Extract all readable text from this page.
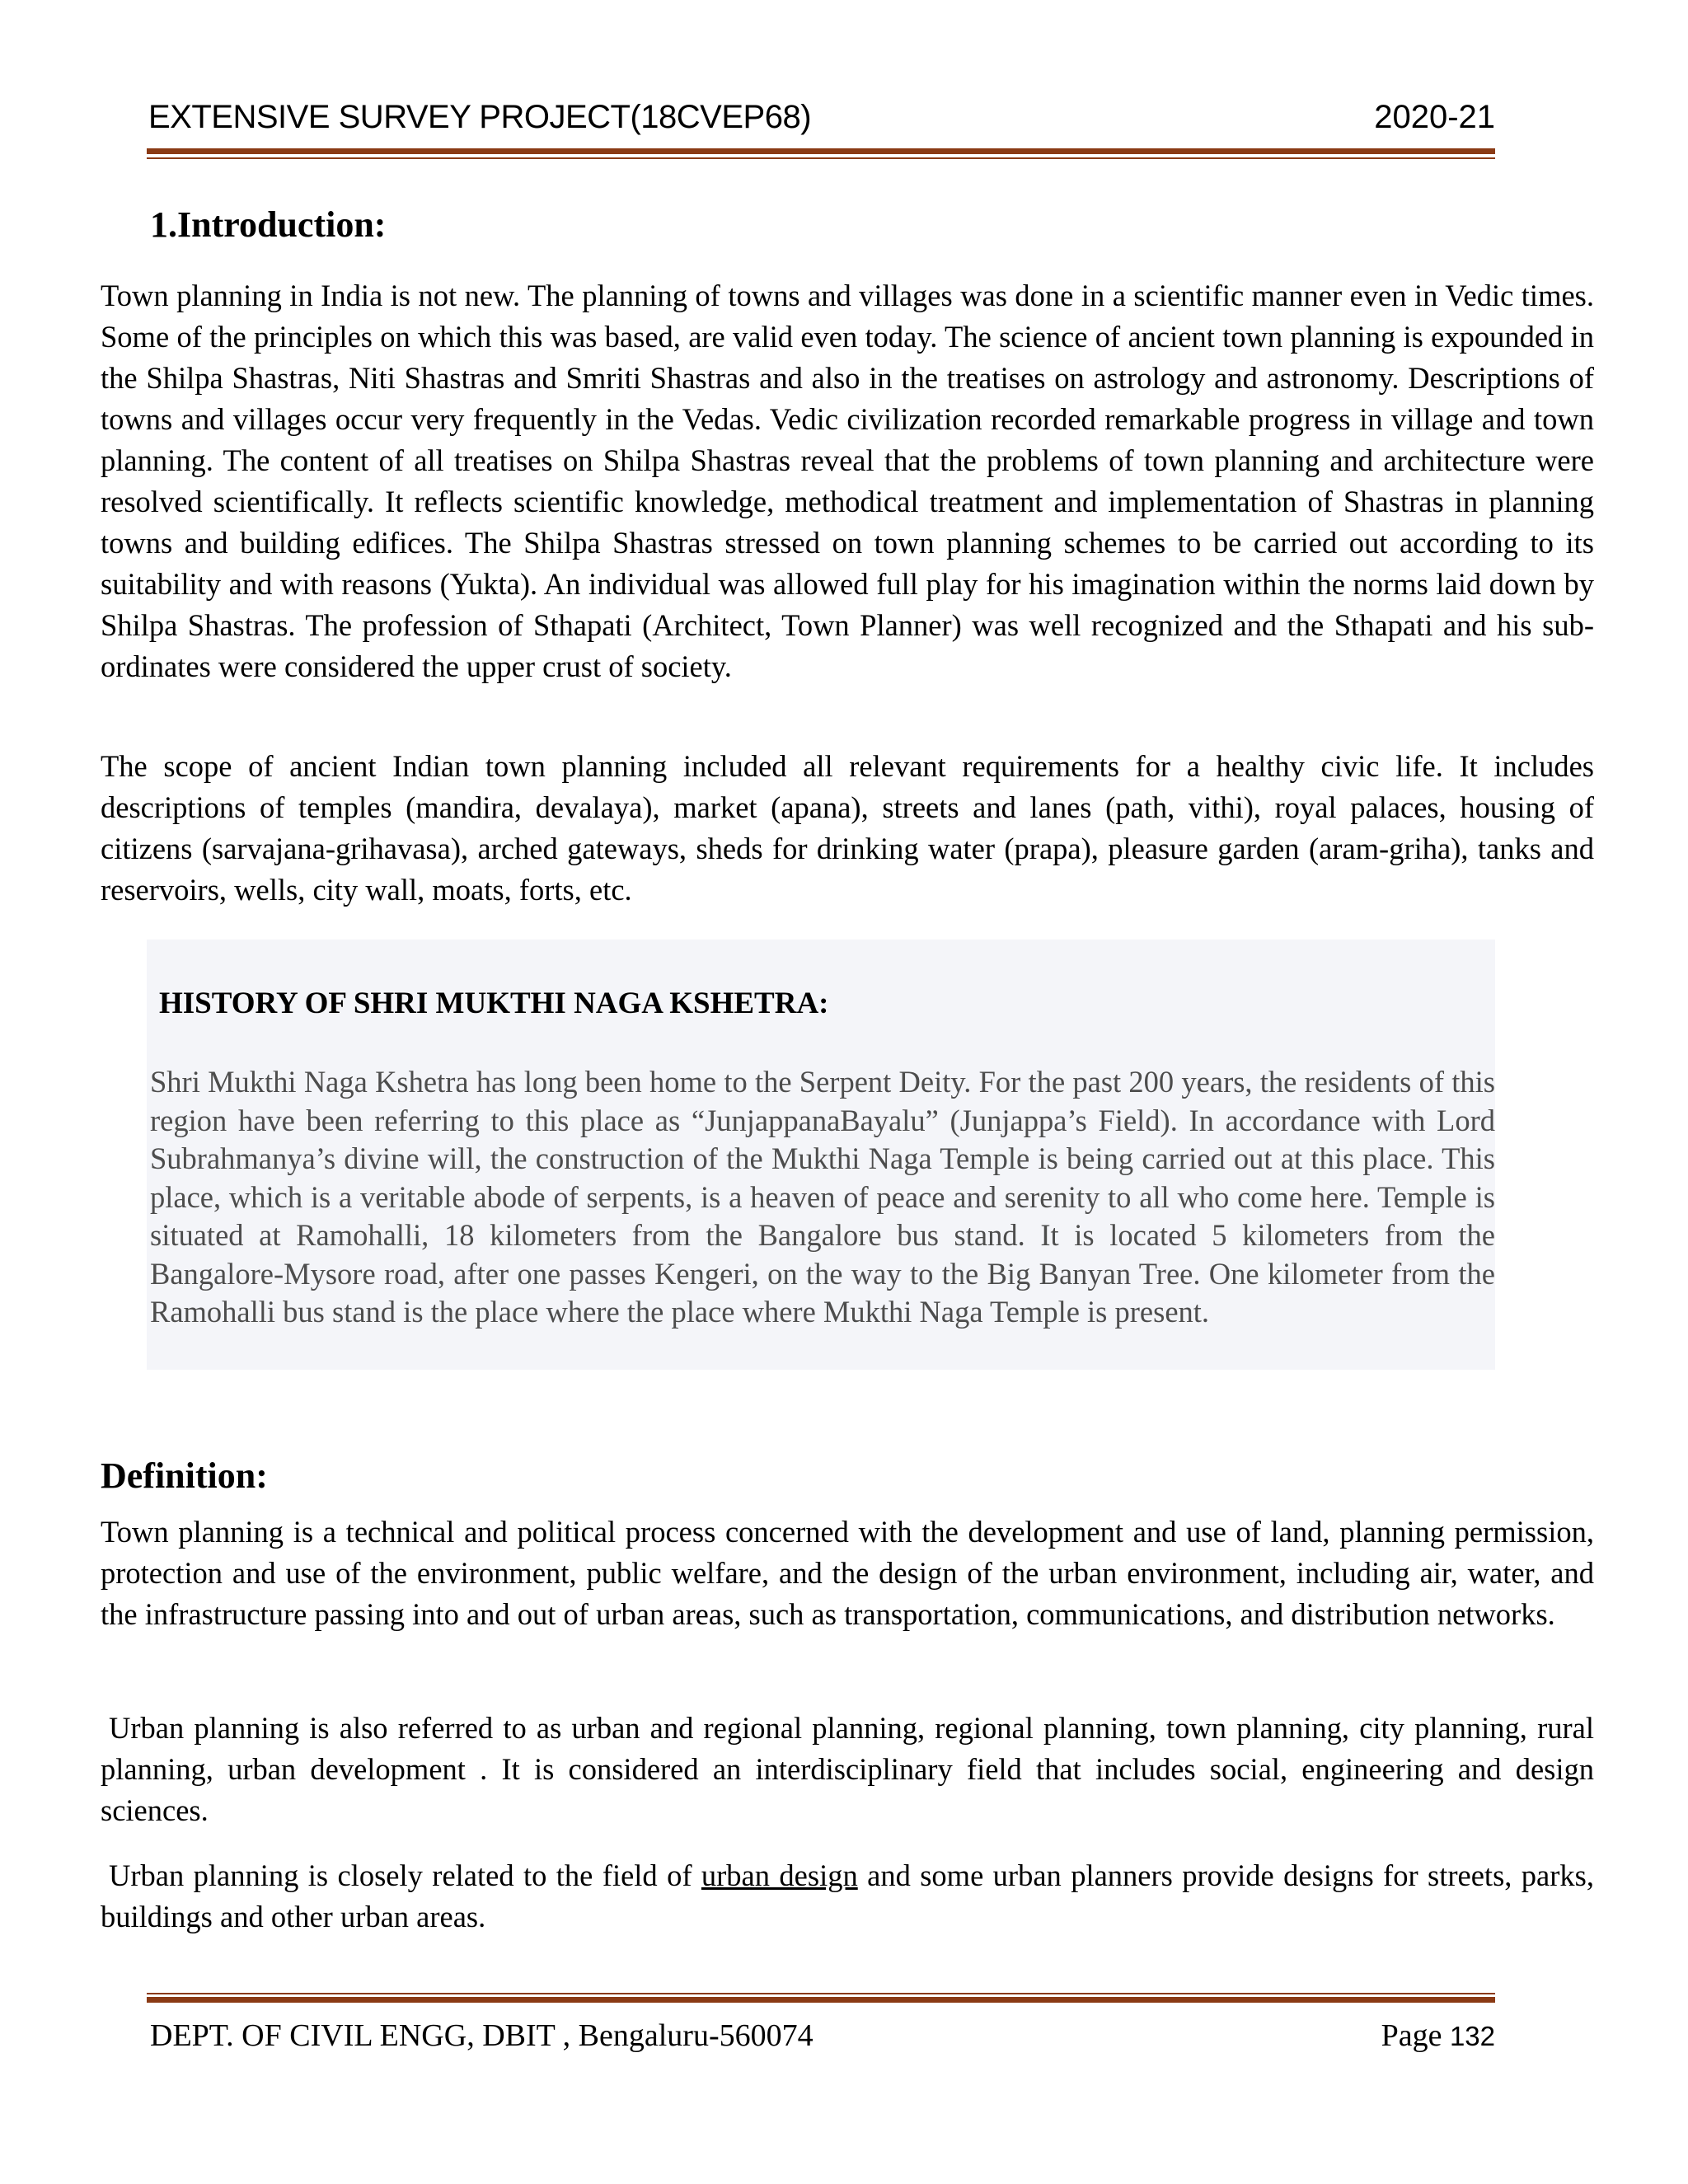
EXTENSIVE SURVEY PROJECT(18CVEP68)	2020-21
1.Introduction:

Town planning in India is not new. The planning of towns and villages was done in a scientific manner even in Vedic times. Some of the principles on which this was based, are valid even today. The science of ancient town planning is expounded in the Shilpa Shastras, Niti Shastras and Smriti Shastras and also in the treatises on astrology and astronomy. Descriptions of towns and villages occur very frequently in the Vedas. Vedic civilization recorded remarkable progress in village and town planning. The content of all treatises on Shilpa Shastras reveal that the problems of town planning and architecture were resolved scientifically. It reflects scientific knowledge, methodical treatment and implementation of Shastras in planning towns and building edifices. The Shilpa Shastras stressed on town planning schemes to be carried out according to its suitability and with reasons (Yukta). An individual was allowed full play for his imagination within the norms laid down by Shilpa Shastras. The profession of Sthapati (Architect, Town Planner) was well recognized and the Sthapati and his sub-ordinates were considered the upper crust of society.

The scope of ancient Indian town planning included all relevant requirements for a healthy civic life. It includes descriptions of temples (mandira, devalaya), market (apana), streets and lanes (path, vithi), royal palaces, housing of citizens (sarvajana-grihavasa), arched gateways, sheds for drinking water (prapa), pleasure garden (aram-griha), tanks and reservoirs, wells, city wall, moats, forts, etc.

HISTORY OF SHRI MUKTHI NAGA KSHETRA:

Shri Mukthi Naga Kshetra has long been home to the Serpent Deity. For the past 200 years, the residents of this region have been referring to this place as “JunjappanaBayalu” (Junjappa’s Field). In accordance with Lord Subrahmanya’s divine will, the construction of the Mukthi Naga Temple is being carried out at this place. This place, which is a veritable abode of serpents, is a heaven of peace and serenity to all who come here. Temple is situated at Ramohalli, 18 kilometers from the Bangalore bus stand. It is located 5 kilometers from the Bangalore-Mysore road, after one passes Kengeri, on the way to the Big Banyan Tree. One kilometer from the Ramohalli bus stand is the place where the place where Mukthi Naga Temple is present.

Definition:

Town planning is a technical and political process concerned with the development and use of land, planning permission, protection and use of the environment, public welfare, and the design of the urban environment, including air, water, and the infrastructure passing into and out of urban areas, such as transportation, communications, and distribution networks.

Urban planning is also referred to as urban and regional planning, regional planning, town planning, city planning, rural planning, urban development . It is considered an interdisciplinary field that includes social, engineering and design sciences.

Urban planning is closely related to the field of urban design and some urban planners provide designs for streets, parks, buildings and other urban areas.

DEPT. OF CIVIL ENGG, DBIT , Bengaluru-560074	Page 132
